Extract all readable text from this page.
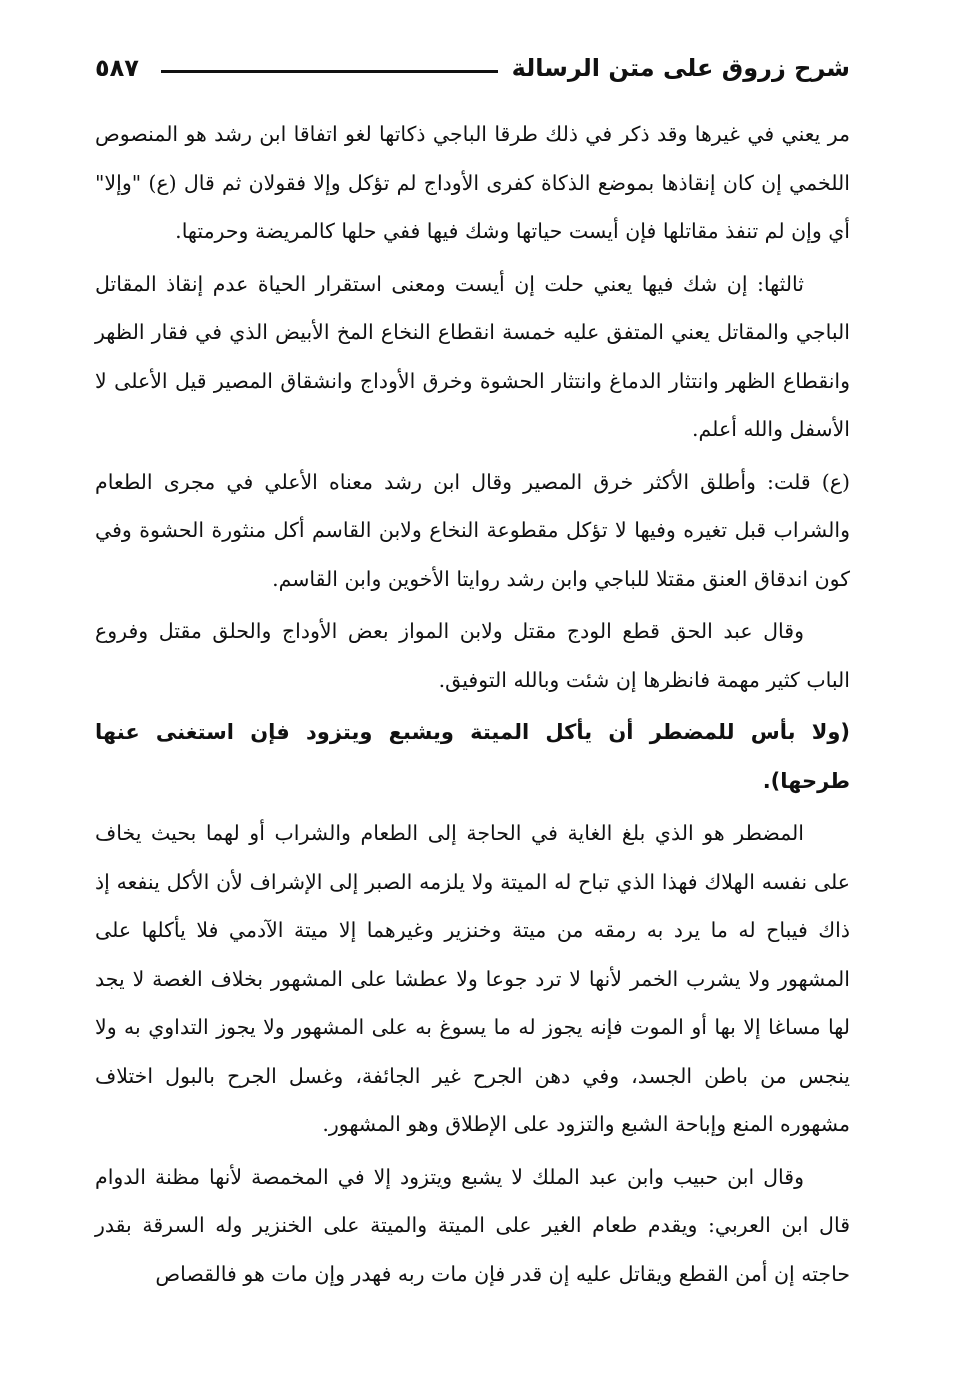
شرح زروق على متن الرسالة
٥٨٧

مر يعني في غيرها وقد ذكر في ذلك طرقا الباجي ذكاتها لغو اتفاقا ابن رشد هو المنصوص اللخمي إن كان إنقاذها بموضع الذكاة كفرى الأوداج لم تؤكل وإلا فقولان ثم قال (ع) "وإلا" أي وإن لم تنفذ مقاتلها فإن أيست حياتها وشك فيها ففي حلها كالمريضة وحرمتها.

ثالثها: إن شك فيها يعني حلت إن أيست ومعنى استقرار الحياة عدم إنقاذ المقاتل الباجي والمقاتل يعني المتفق عليه خمسة انقطاع النخاع المخ الأبيض الذي في فقار الظهر وانقطاع الظهر وانتثار الدماغ وانتثار الحشوة وخرق الأوداج وانشقاق المصير قيل الأعلى لا الأسفل والله أعلم.

(ع) قلت: وأطلق الأكثر خرق المصير وقال ابن رشد معناه الأعلي في مجرى الطعام والشراب قبل تغيره وفيها لا تؤكل مقطوعة النخاع ولابن القاسم أكل منثورة الحشوة وفي كون اندقاق العنق مقتلا للباجي وابن رشد روايتا الأخوين وابن القاسم.

وقال عبد الحق قطع الودج مقتل ولابن المواز بعض الأوداج والحلق مقتل وفروع الباب كثير مهمة فانظرها إن شئت وبالله التوفيق.

(ولا بأس للمضطر أن يأكل الميتة ويشبع ويتزود فإن استغنى عنها طرحها).

المضطر هو الذي بلغ الغاية في الحاجة إلى الطعام والشراب أو لهما بحيث يخاف على نفسه الهلاك فهذا الذي تباح له الميتة ولا يلزمه الصبر إلى الإشراف لأن الأكل ينفعه إذ ذاك فيباح له ما يرد به رمقه من ميتة وخنزير وغيرهما إلا ميتة الآدمي فلا يأكلها على المشهور ولا يشرب الخمر لأنها لا ترد جوعا ولا عطشا على المشهور بخلاف الغصة لا يجد لها مساغا إلا بها أو الموت فإنه يجوز له ما يسوغ به على المشهور ولا يجوز التداوي به ولا ينجس من باطن الجسد، وفي دهن الجرح غير الجائفة، وغسل الجرح بالبول اختلاف مشهوره المنع وإباحة الشبع والتزود على الإطلاق وهو المشهور.

وقال ابن حبيب وابن عبد الملك لا يشبع ويتزود إلا في المخمصة لأنها مظنة الدوام قال ابن العربي: ويقدم طعام الغير على الميتة والميتة على الخنزير وله السرقة بقدر حاجته إن أمن القطع ويقاتل عليه إن قدر فإن مات ربه فهدر وإن مات هو فالقصاص
